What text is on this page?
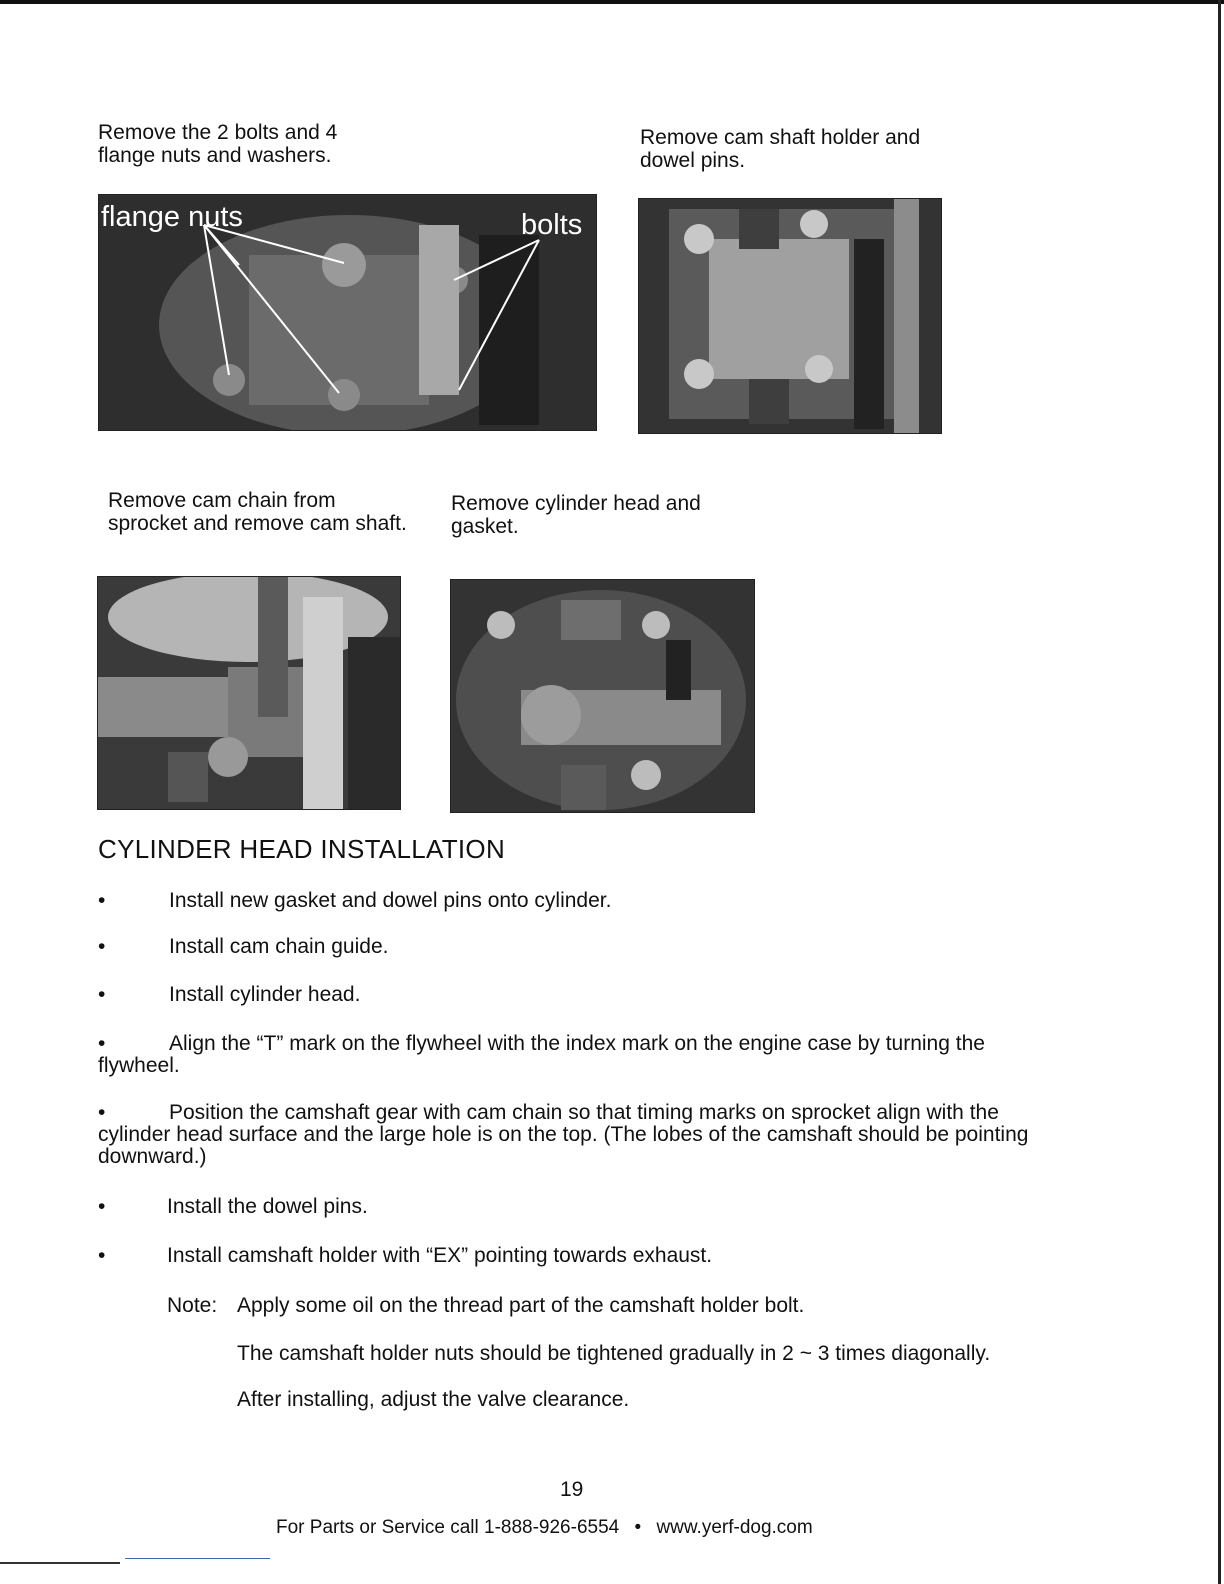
Remove the 2 bolts and 4 flange nuts and washers.
flange nuts	bolts
Remove cam shaft holder and dowel pins.
Remove cam chain from sprocket and remove cam shaft.
Remove cylinder head and gasket.
CYLINDER HEAD INSTALLATION
•	Install new gasket and dowel pins onto cylinder.
•	Install cam chain guide.
•	Install cylinder head.
•	Align the “T” mark on the flywheel with the index mark on the engine case by turning the flywheel.
•	Position the camshaft gear with cam chain so that timing marks on sprocket align with the cylinder head surface and the large hole is on the top. (The lobes of the camshaft should be pointing downward.)
•	Install the dowel pins.
•	Install camshaft holder with “EX” pointing towards exhaust.
Note: Apply some oil on the thread part of the camshaft holder bolt.
The camshaft holder nuts should be tightened gradually in 2 ~ 3 times diagonally.
After installing, adjust the valve clearance.
19
For Parts or Service call 1-888-926-6554 • www.yerf-dog.com
